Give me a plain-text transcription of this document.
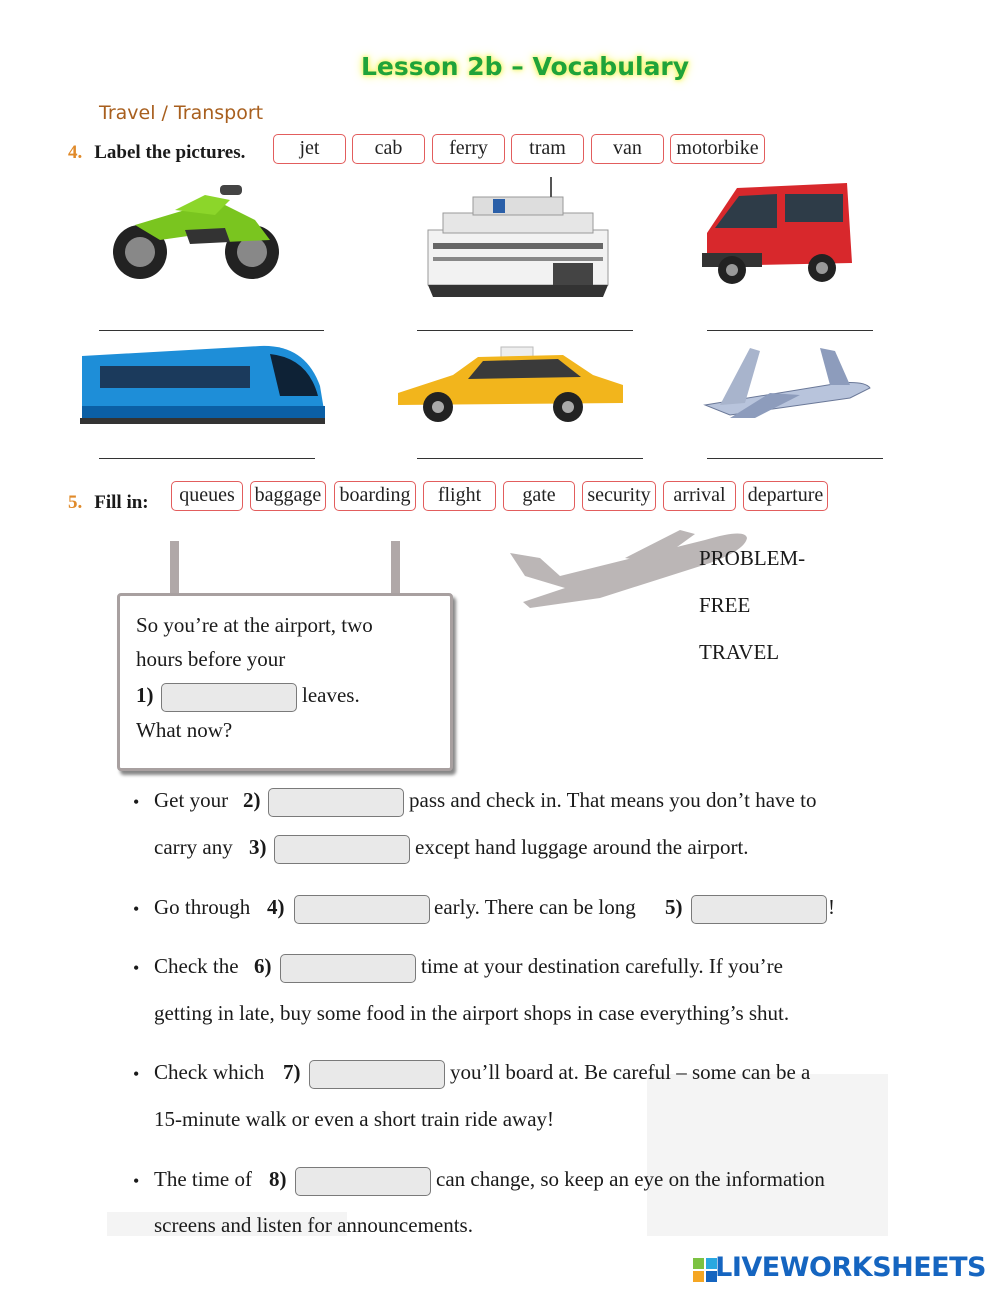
Lesson 2b – Vocabulary
Travel / Transport
4. Label the pictures.	jet	cab	ferry	tram	van	motorbike
5. Fill in:	queues baggage boarding	flight	gate	security	arrival	departure
So you’re at the airport, two
hours before your
1)	leaves.
What now?
PROBLEM-
FREE
TRAVEL
• Get your 2)	pass and check in. That means you don’t have to
carry any 3)	except hand luggage around the airport.
• Go through 4)	early. There can be long 5)	!
• Check the 6)	time at your destination carefully. If you’re
getting in late, buy some food in the airport shops in case everything’s shut.
• Check which 7)	you’ll board at. Be careful – some can be a
15-minute walk or even a short train ride away!
• The time of 8)	can change, so keep an eye on the information
screens and listen for announcements.
LIVEWORKSHEETS
